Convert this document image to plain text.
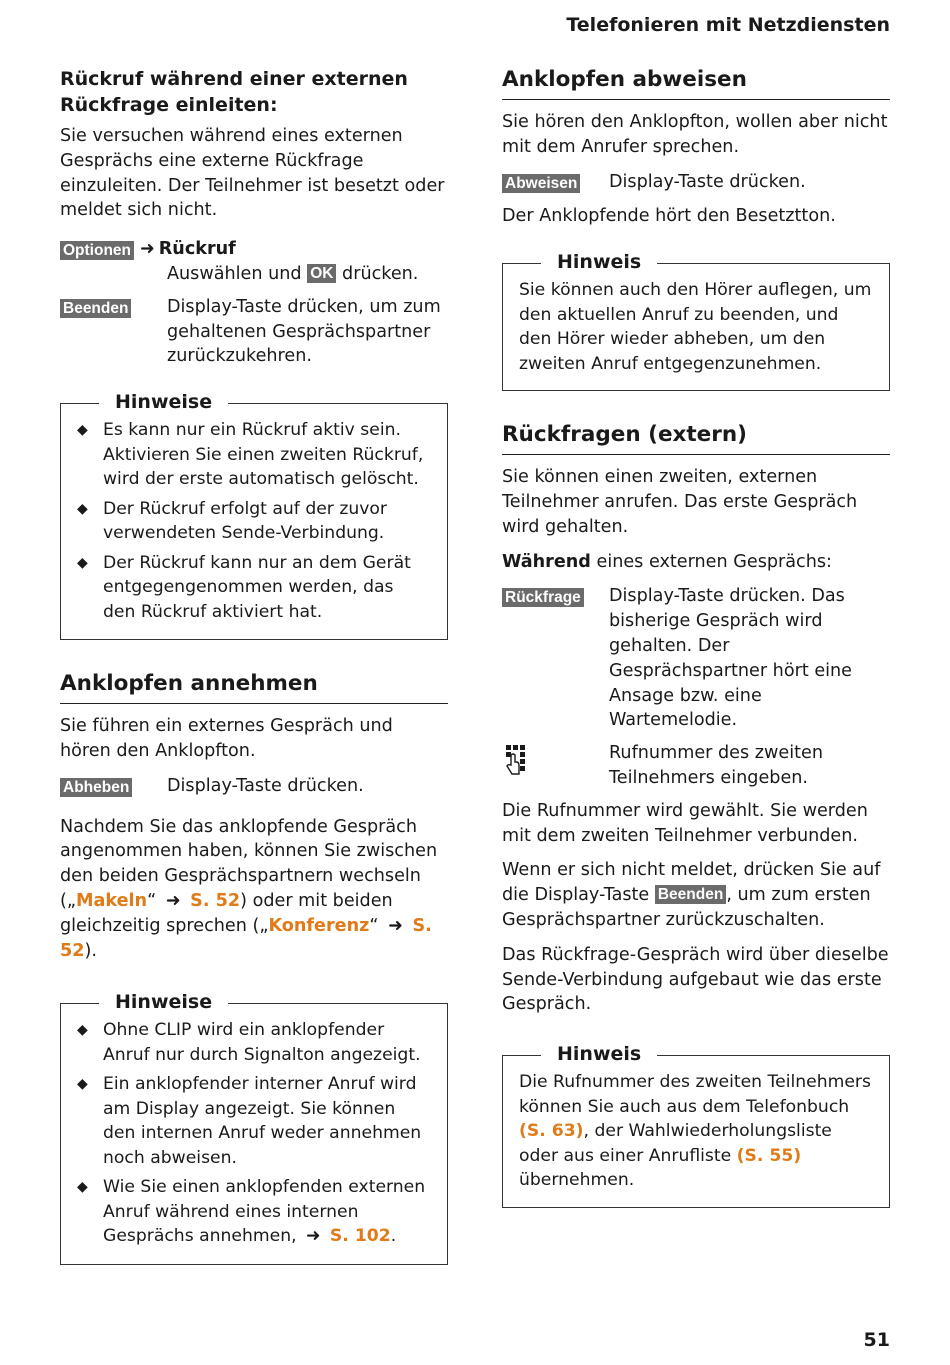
Telefonieren mit Netzdiensten
Rückruf während einer externen Rückfrage einleiten:

Sie versuchen während eines externen Gesprächs eine externe Rückfrage einzuleiten. Der Teilnehmer ist besetzt oder meldet sich nicht.

Optionen ➜ Rückruf
Auswählen und OK drücken.
Beenden	Display-Taste drücken, um zum gehaltenen Gesprächspartner zurückzukehren.
Hinweise
◆ Es kann nur ein Rückruf aktiv sein. Aktivieren Sie einen zweiten Rückruf, wird der erste automatisch gelöscht.
◆ Der Rückruf erfolgt auf der zuvor verwendeten Sende-Verbindung.
◆ Der Rückruf kann nur an dem Gerät entgegengenommen werden, das den Rückruf aktiviert hat.
Anklopfen annehmen

Sie führen ein externes Gespräch und hören den Anklopfton.

Abheben	Display-Taste drücken.

Nachdem Sie das anklopfende Gespräch angenommen haben, können Sie zwischen den beiden Gesprächspartnern wechseln („Makeln“ ➜ S. 52) oder mit beiden gleichzeitig sprechen („Konferenz“ ➜ S. 52).

Hinweise
◆ Ohne CLIP wird ein anklopfender Anruf nur durch Signalton angezeigt.
◆ Ein anklopfender interner Anruf wird am Display angezeigt. Sie können den internen Anruf weder annehmen noch abweisen.
◆ Wie Sie einen anklopfenden externen Anruf während eines internen Gesprächs annehmen, ➜ S. 102.
Anklopfen abweisen

Sie hören den Anklopfton, wollen aber nicht mit dem Anrufer sprechen.

Abweisen	Display-Taste drücken.

Der Anklopfende hört den Besetztton.

Hinweis

Sie können auch den Hörer auflegen, um den aktuellen Anruf zu beenden, und den Hörer wieder abheben, um den zweiten Anruf entgegenzunehmen.

Rückfragen (extern)

Sie können einen zweiten, externen Teilnehmer anrufen. Das erste Gespräch wird gehalten.

Während eines externen Gesprächs:

Rückfrage	Display-Taste drücken. Das bisherige Gespräch wird gehalten. Der Gesprächspartner hört eine Ansage bzw. eine Wartemelodie.
Rufnummer des zweiten Teilnehmers eingeben.

Die Rufnummer wird gewählt. Sie werden mit dem zweiten Teilnehmer verbunden.

Wenn er sich nicht meldet, drücken Sie auf die Display-Taste Beenden , um zum ersten Gesprächspartner zurückzuschalten.

Das Rückfrage-Gespräch wird über dieselbe Sende-Verbindung aufgebaut wie das erste Gespräch.

Hinweis

Die Rufnummer des zweiten Teilnehmers können Sie auch aus dem Telefonbuch (S. 63), der Wahlwiederholungsliste oder aus einer Anrufliste (S. 55) übernehmen.

51
